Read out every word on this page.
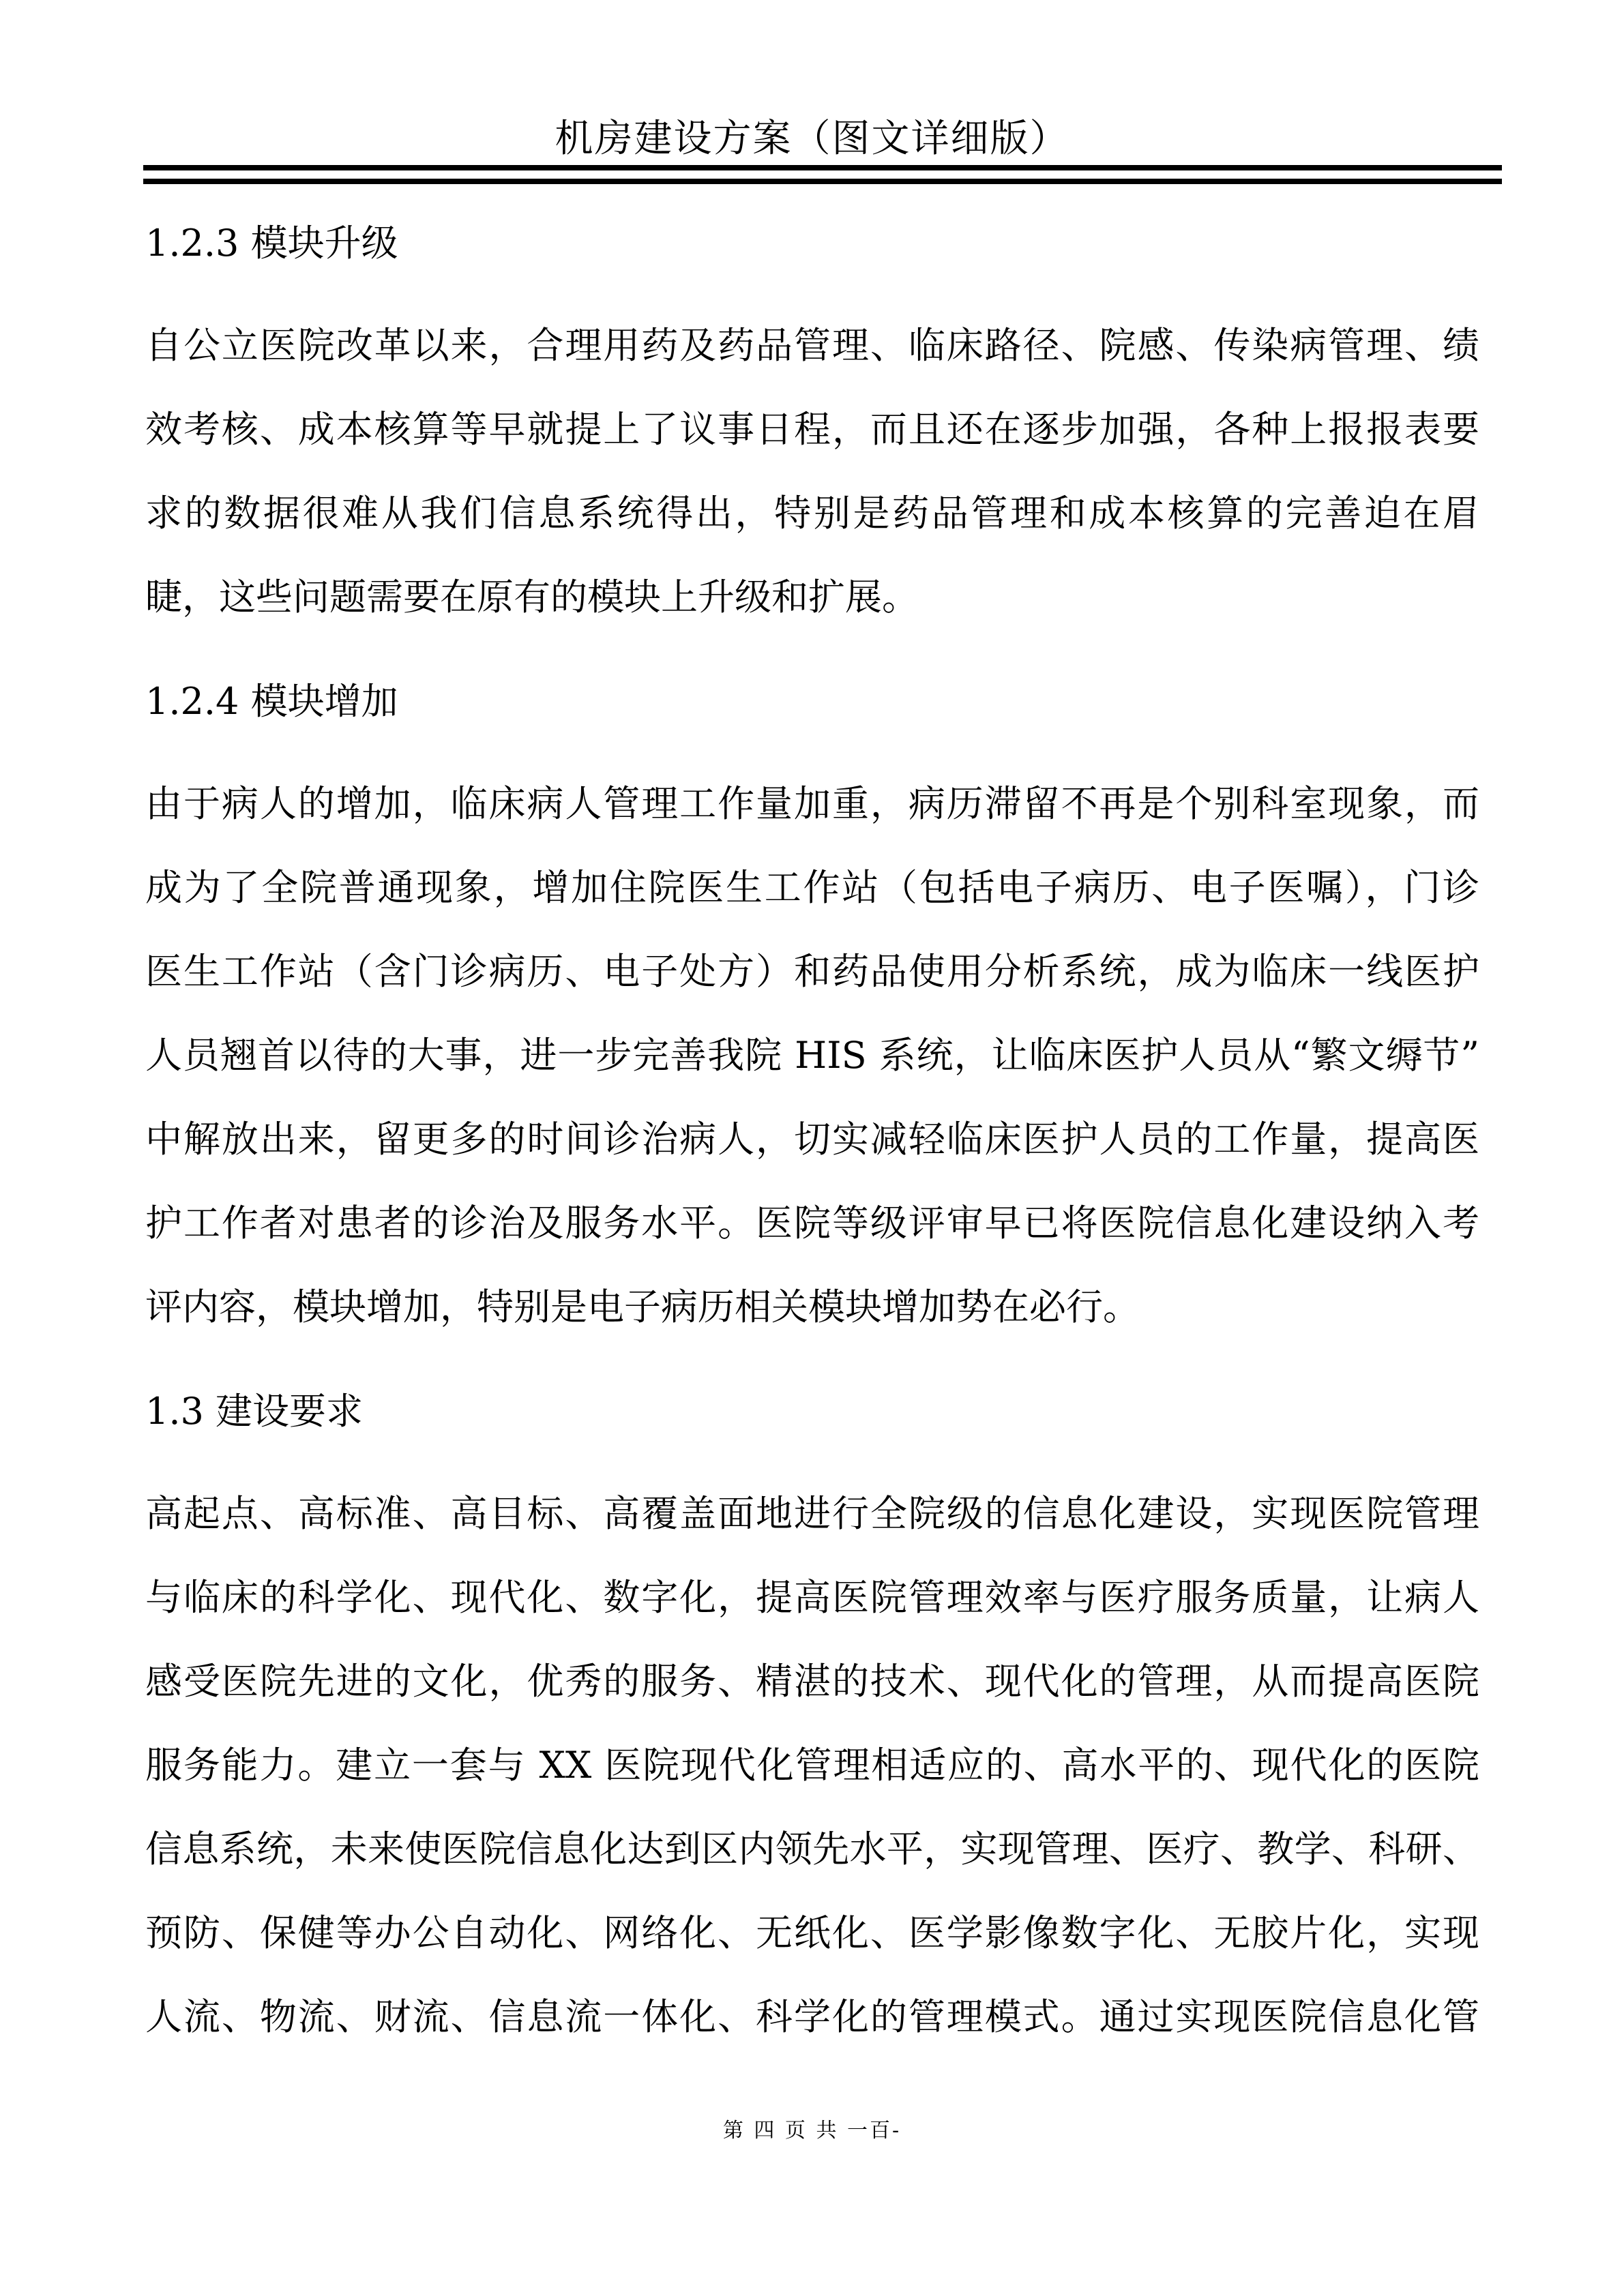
机房建设方案（图文详细版）
1.2.3 模块升级
自公立医院改革以来，合理用药及药品管理、临床路径、院感、传染病管理、绩
效考核、成本核算等早就提上了议事日程，而且还在逐步加强，各种上报报表要
求的数据很难从我们信息系统得出，特别是药品管理和成本核算的完善迫在眉
睫，这些问题需要在原有的模块上升级和扩展。
1.2.4 模块增加
由于病人的增加，临床病人管理工作量加重，病历滞留不再是个别科室现象，而
成为了全院普通现象，增加住院医生工作站（包括电子病历、电子医嘱），门诊
医生工作站（含门诊病历、电子处方）和药品使用分析系统，成为临床一线医护
人员翘首以待的大事，进一步完善我院 HIS 系统，让临床医护人员从“繁文缛节”
中解放出来，留更多的时间诊治病人，切实减轻临床医护人员的工作量，提高医
护工作者对患者的诊治及服务水平。医院等级评审早已将医院信息化建设纳入考
评内容，模块增加，特别是电子病历相关模块增加势在必行。
1.3 建设要求
高起点、高标准、高目标、高覆盖面地进行全院级的信息化建设，实现医院管理
与临床的科学化、现代化、数字化，提高医院管理效率与医疗服务质量，让病人
感受医院先进的文化，优秀的服务、精湛的技术、现代化的管理，从而提高医院
服务能力。建立一套与 XX 医院现代化管理相适应的、高水平的、现代化的医院
信息系统，未来使医院信息化达到区内领先水平，实现管理、医疗、教学、科研、
预防、保健等办公自动化、网络化、无纸化、医学影像数字化、无胶片化，实现
人流、物流、财流、信息流一体化、科学化的管理模式。通过实现医院信息化管
第 四 页 共 一百-
